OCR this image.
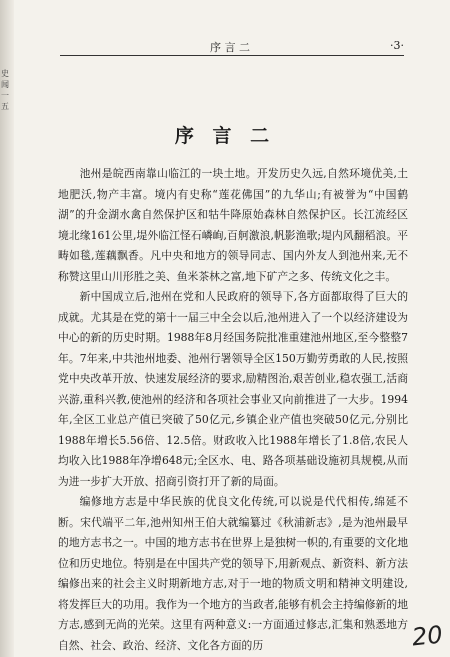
史闻一五
序 言 二	·3·
序 言 二

池州是皖西南靠山临江的一块土地。开发历史久远,自然环境优美,土地肥沃,物产丰富。境内有史称“莲花佛国”的九华山;有被誉为“中国鹤湖”的升金湖水禽自然保护区和牯牛降原始森林自然保护区。长江流经区境北缘161公里,堤外临江怪石嶙峋,百舸激浪,帆影渔歌;堤内风翻稻浪。平畴如毯,莲藕飘香。凡中央和地方的领导同志、国内外友人到池州来,无不称赞这里山川形胜之美、鱼米茶林之富,地下矿产之多、传统文化之丰。

新中国成立后,池州在党和人民政府的领导下,各方面都取得了巨大的成就。尤其是在党的第十一届三中全会以后,池州进入了一个以经济建设为中心的新的历史时期。1988年8月经国务院批准重建池州地区,至今整整7年。7年来,中共池州地委、池州行署领导全区150万勤劳勇敢的人民,按照党中央改革开放、快速发展经济的要求,励精图治,艰苦创业,稳农强工,活商兴游,重科兴教,使池州的经济和各项社会事业又向前推进了一大步。1994年,全区工业总产值已突破了50亿元,乡镇企业产值也突破50亿元,分别比1988年增长5.56倍、12.5倍。财政收入比1988年增长了1.8倍,农民人均收入比1988年净增648元;全区水、电、路各项基础设施初具规模,从而为进一步扩大开放、招商引资打开了新的局面。

编修地方志是中华民族的优良文化传统,可以说是代代相传,绵延不断。宋代端平二年,池州知州王伯大就编纂过《秋浦新志》,是为池州最早的地方志书之一。中国的地方志书在世界上是独树一帜的,有重要的文化地位和历史地位。特别是在中国共产党的领导下,用新观点、新资料、新方法编修出来的社会主义时期新地方志,对于一地的物质文明和精神文明建设,将发挥巨大的功用。我作为一个地方的当政者,能够有机会主持编修新的地方志,感到无尚的光荣。这里有两种意义:一方面通过修志,汇集和熟悉地方自然、社会、政治、经济、文化各方面的历	20
